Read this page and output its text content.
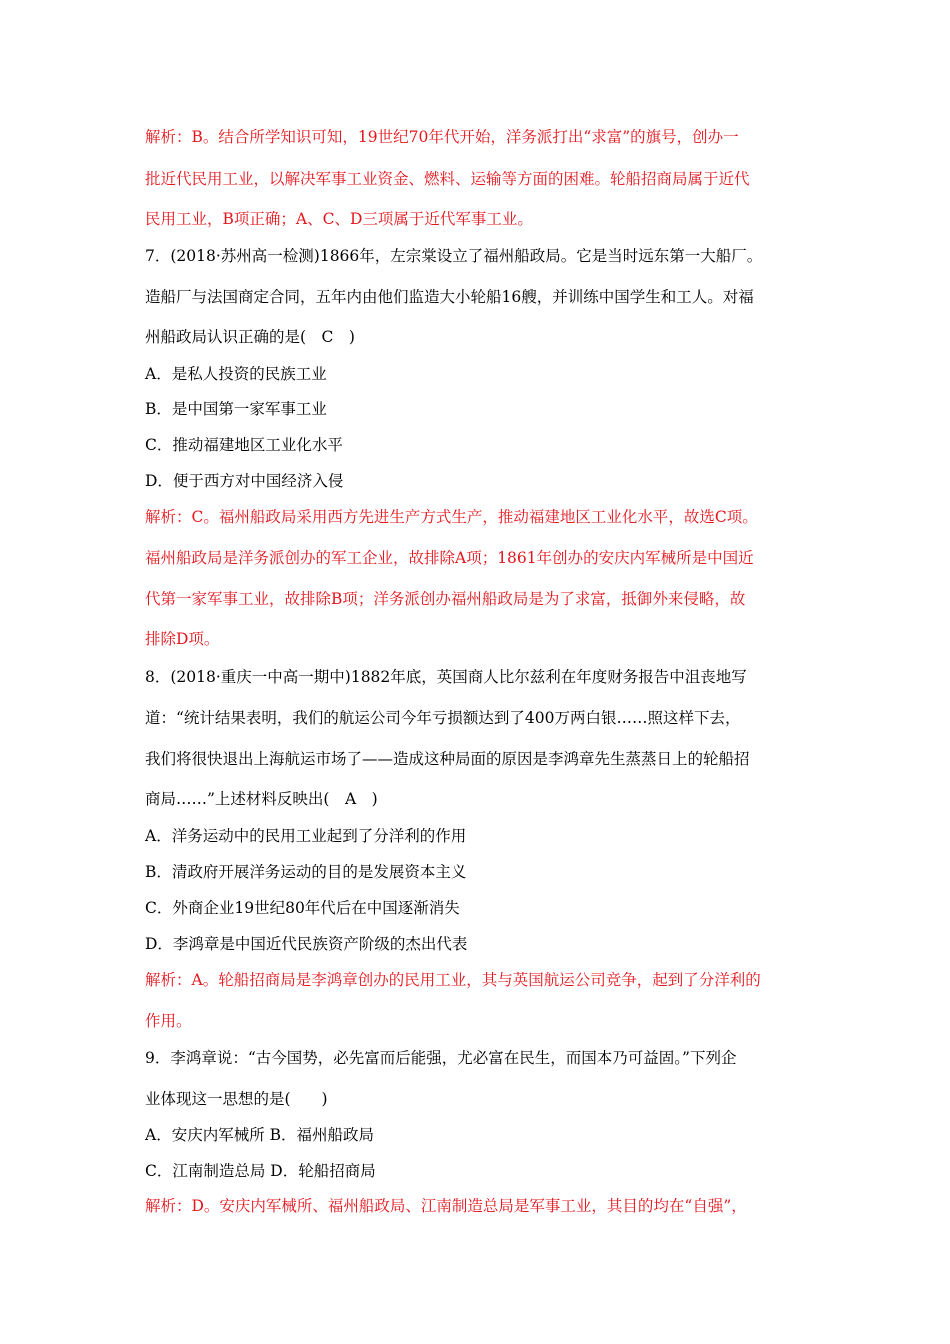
解析：B。结合所学知识可知，19世纪70年代开始，洋务派打出“求富”的旗号，创办一
批近代民用工业，以解决军事工业资金、燃料、运输等方面的困难。轮船招商局属于近代
民用工业，B项正确；A、C、D三项属于近代军事工业。
7．(2018·苏州高一检测)1866年，左宗棠设立了福州船政局。它是当时远东第一大船厂。
造船厂与法国商定合同，五年内由他们监造大小轮船16艘，并训练中国学生和工人。对福
州船政局认识正确的是(　C　)
A．是私人投资的民族工业
B．是中国第一家军事工业
C．推动福建地区工业化水平
D．便于西方对中国经济入侵
解析：C。福州船政局采用西方先进生产方式生产，推动福建地区工业化水平，故选C项。
福州船政局是洋务派创办的军工企业，故排除A项；1861年创办的安庆内军械所是中国近
代第一家军事工业，故排除B项；洋务派创办福州船政局是为了求富，抵御外来侵略，故
排除D项。
8．(2018·重庆一中高一期中)1882年底，英国商人比尔兹利在年度财务报告中沮丧地写
道：“统计结果表明，我们的航运公司今年亏损额达到了400万两白银……照这样下去，
我们将很快退出上海航运市场了——造成这种局面的原因是李鸿章先生蒸蒸日上的轮船招
商局……”上述材料反映出(　A　)
A．洋务运动中的民用工业起到了分洋利的作用
B．清政府开展洋务运动的目的是发展资本主义
C．外商企业19世纪80年代后在中国逐渐消失
D．李鸿章是中国近代民族资产阶级的杰出代表
解析：A。轮船招商局是李鸿章创办的民用工业，其与英国航运公司竞争，起到了分洋利的
作用。
9．李鸿章说：“古今国势，必先富而后能强，尤必富在民生，而国本乃可益固。”下列企
业体现这一思想的是(　　)
A．安庆内军械所 B．福州船政局
C．江南制造总局 D．轮船招商局
解析：D。安庆内军械所、福州船政局、江南制造总局是军事工业，其目的均在“自强”，
